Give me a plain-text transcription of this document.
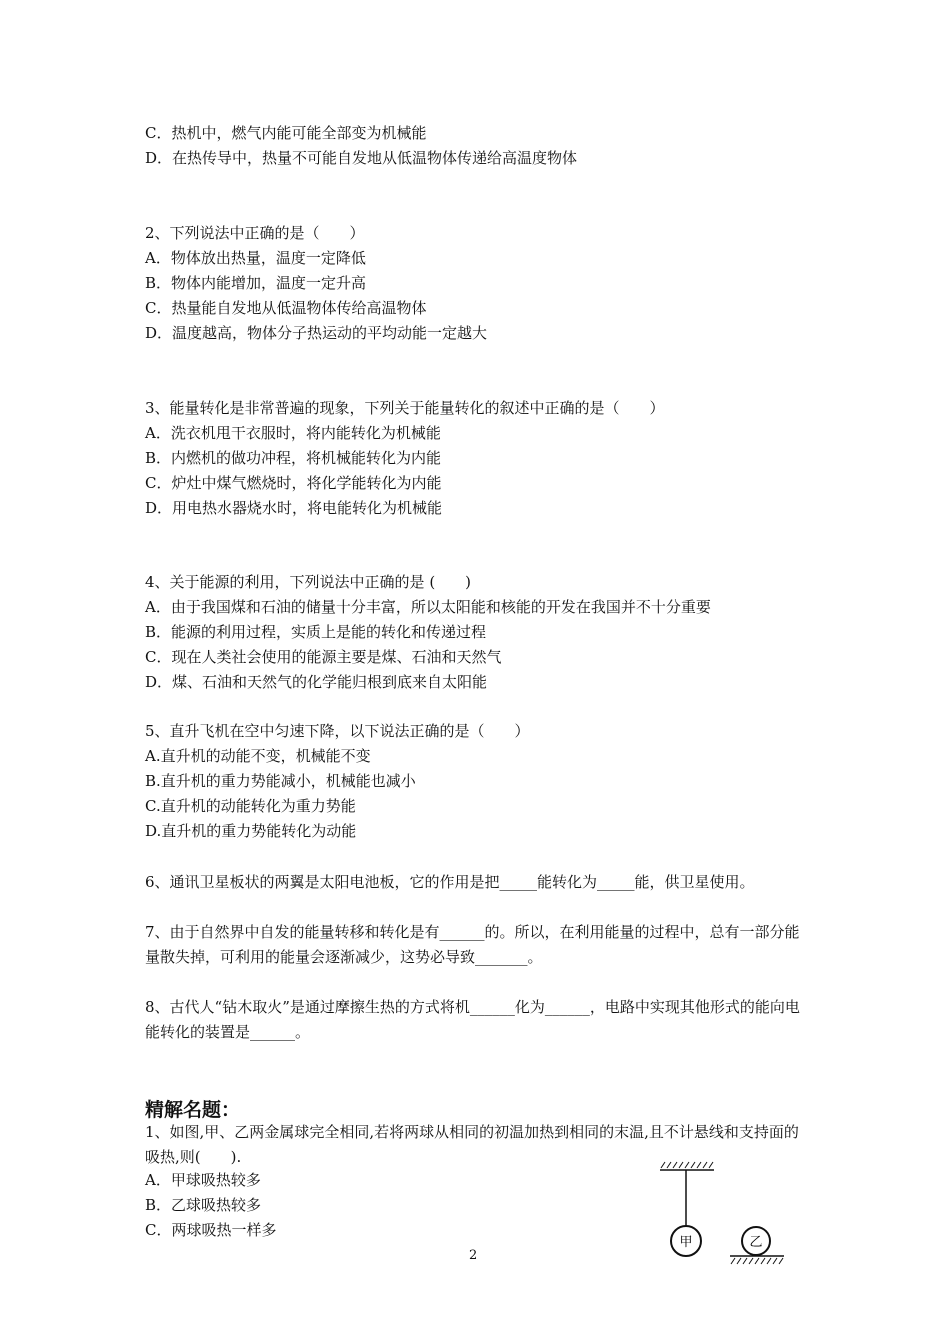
C．热机中，燃气内能可能全部变为机械能
D．在热传导中，热量不可能自发地从低温物体传递给高温度物体
2、下列说法中正确的是（　　）
A．物体放出热量，温度一定降低
B．物体内能增加，温度一定升高
C．热量能自发地从低温物体传给高温物体
D．温度越高，物体分子热运动的平均动能一定越大
3、能量转化是非常普遍的现象，下列关于能量转化的叙述中正确的是（　　）
A．洗衣机甩干衣服时，将内能转化为机械能
B．内燃机的做功冲程，将机械能转化为内能
C．炉灶中煤气燃烧时，将化学能转化为内能
D．用电热水器烧水时，将电能转化为机械能
4、关于能源的利用，下列说法中正确的是 (　　)
A．由于我国煤和石油的储量十分丰富，所以太阳能和核能的开发在我国并不十分重要
B．能源的利用过程，实质上是能的转化和传递过程
C．现在人类社会使用的能源主要是煤、石油和天然气
D．煤、石油和天然气的化学能归根到底来自太阳能
5、直升飞机在空中匀速下降，以下说法正确的是（　　）
A.直升机的动能不变，机械能不变
B.直升机的重力势能减小，机械能也减小
C.直升机的动能转化为重力势能
D.直升机的重力势能转化为动能
6、通讯卫星板状的两翼是太阳电池板，它的作用是把_____能转化为_____能，供卫星使用。
7、由于自然界中自发的能量转移和转化是有______的。所以，在利用能量的过程中，总有一部分能量散失掉，可利用的能量会逐渐减少，这势必导致_______。
8、古代人“钻木取火”是通过摩擦生热的方式将机______化为______，电路中实现其他形式的能向电能转化的装置是______。
精解名题：
1、如图,甲、乙两金属球完全相同,若将两球从相同的初温加热到相同的末温,且不计悬线和支持面的吸热,则(　　).
A．甲球吸热较多
B．乙球吸热较多
C．两球吸热一样多
甲	乙
2
